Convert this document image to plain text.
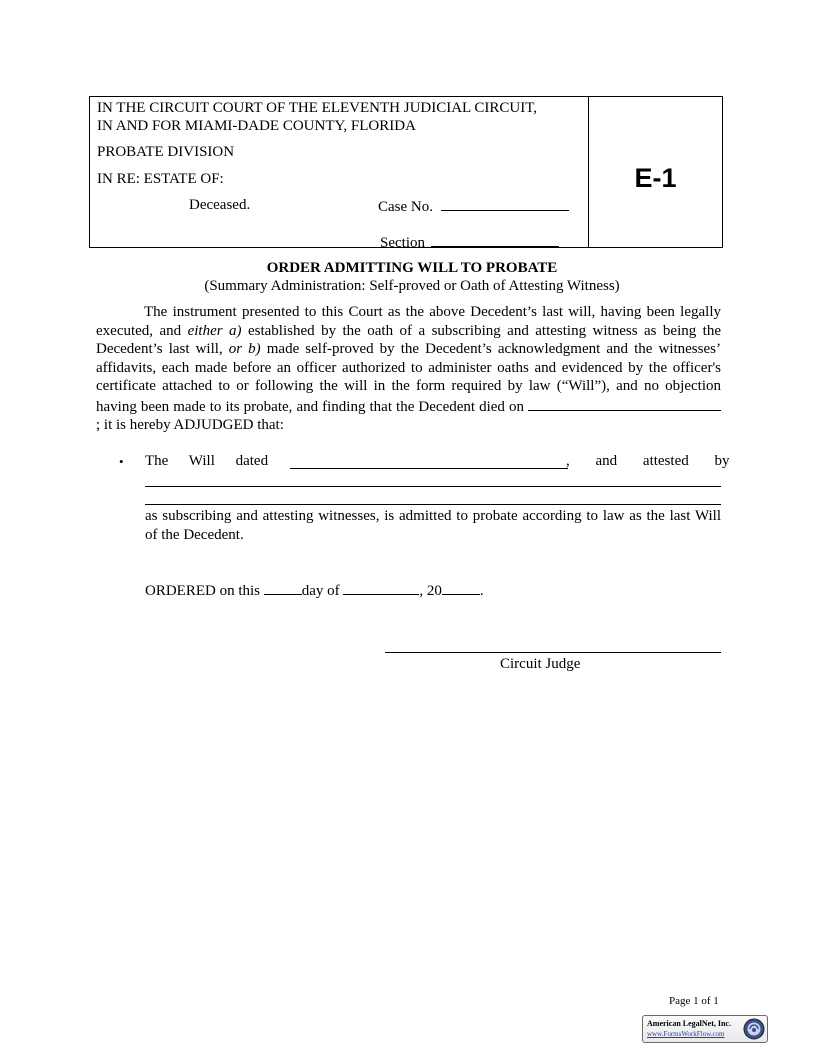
IN THE CIRCUIT COURT OF THE ELEVENTH JUDICIAL CIRCUIT,
IN AND FOR MIAMI-DADE COUNTY, FLORIDA
PROBATE DIVISION
IN RE: ESTATE OF:
Deceased.	Case No.
Section
E-1
ORDER ADMITTING WILL TO PROBATE
(Summary Administration: Self-proved or Oath of Attesting Witness)

The instrument presented to this Court as the above Decedent’s last will, having been legally executed, and either a) established by the oath of a subscribing and attesting witness as being the Decedent’s last will, or b) made self-proved by the Decedent’s acknowledgment and the witnesses’ affidavits, each made before an officer authorized to administer oaths and evidenced by the officer's certificate attached to or following the will in the form required by law (“Will”), and no objection having been made to its probate, and finding that the Decedent died on ; it is hereby ADJUDGED that:

• The Will dated	, and attested by

as subscribing and attesting witnesses, is admitted to probate according to law as the last Will of the Decedent.

ORDERED on this	day of	, 20	.
Circuit Judge
Page 1 of 1
American LegalNet, Inc.
www.FormsWorkFlow.com
